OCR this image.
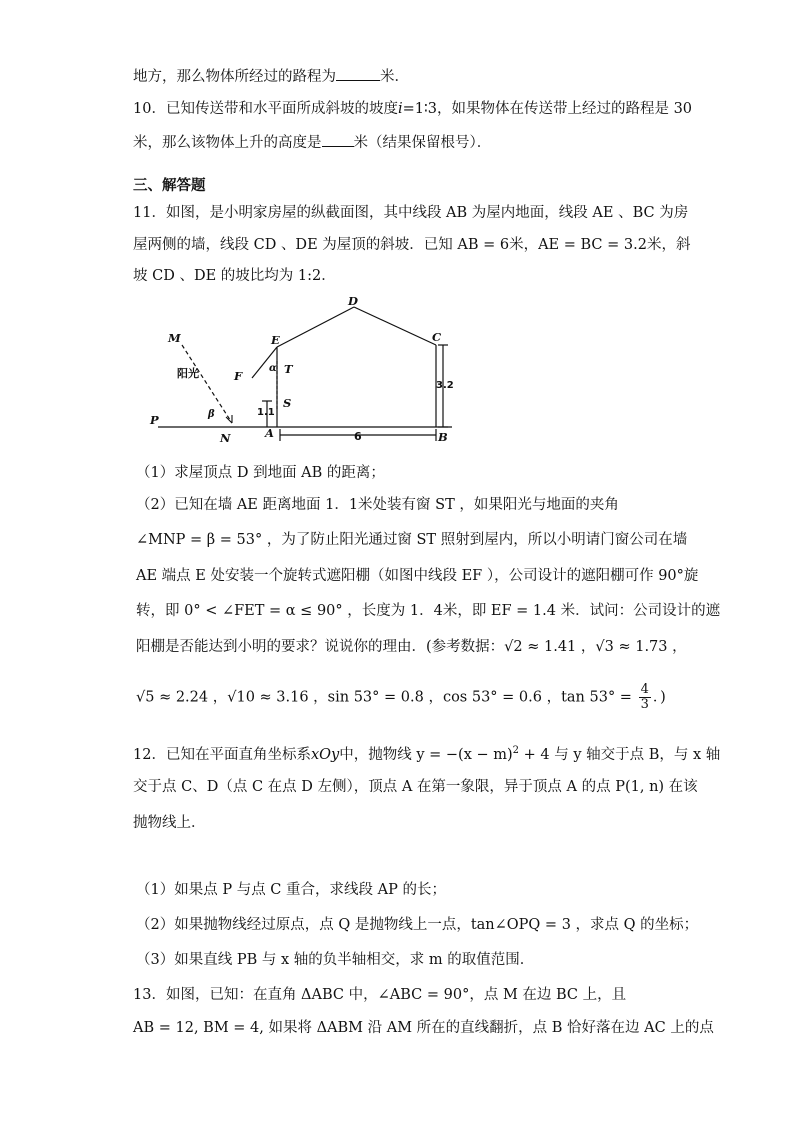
地方，那么物体所经过的路程为	米．
10．已知传送带和水平面所成斜坡的坡度i=1∶3，如果物体在传送带上经过的路程是 30
米，那么该物体上升的高度是 米（结果保留根号）．
三、解答题
11．如图，是小明家房屋的纵截面图，其中线段 AB 为屋内地面，线段 AE 、BC 为房
屋两侧的墙，线段 CD 、DE 为屋顶的斜坡．已知 AB = 6米，AE = BC = 3.2米，斜
坡 CD 、DE 的坡比均为 1:2．
D
E	C
M
F	T
α
S
P	β
N	A	B
阳光
1.1
3.2
6
（1）求屋顶点 D 到地面 AB 的距离；
（2）已知在墙 AE 距离地面 1．1米处装有窗 ST ，如果阳光与地面的夹角
∠MNP = β = 53° ，为了防止阳光通过窗 ST 照射到屋内，所以小明请门窗公司在墙
AE 端点 E 处安装一个旋转式遮阳棚（如图中线段 EF ），公司设计的遮阳棚可作 90°旋
转，即 0° < ∠FET = α ≤ 90° ，长度为 1．4米，即 EF = 1.4 米．试问：公司设计的遮
阳棚是否能达到小明的要求？说说你的理由．(参考数据：√2 ≈ 1.41 ，√3 ≈ 1.73 ，
√5 ≈ 2.24 ，√10 ≈ 3.16 ，sin 53° = 0.8 ，cos 53° = 0.6 ，$\tan 53^\circ = \frac{4}{3}$ ．)
12．已知在平面直角坐标系xOy中，抛物线 $y = -(x - m)^2 + 4$ 与 y 轴交于点 B，与 x 轴
交于点 C、D（点 C 在点 D 左侧），顶点 A 在第一象限，异于顶点 A 的点 P(1, n) 在该
抛物线上．
（1）如果点 P 与点 C 重合，求线段 AP 的长；
（2）如果抛物线经过原点，点 Q 是抛物线上一点，tan∠OPQ = 3 ，求点 Q 的坐标；
（3）如果直线 PB 与 x 轴的负半轴相交，求 m 的取值范围．
13．如图，已知：在直角 ΔABC 中，∠ABC = 90°，点 M 在边 BC 上，且
AB = 12, BM = 4, 如果将 ΔABM 沿 AM 所在的直线翻折，点 B 恰好落在边 AC 上的点
